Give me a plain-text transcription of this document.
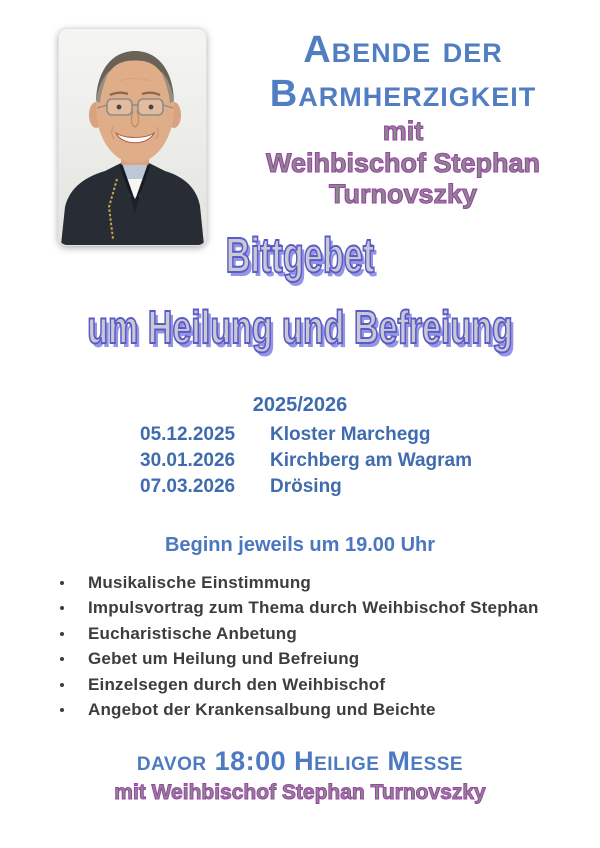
Abende der
Barmherzigkeit
mit
Weihbischof Stephan
Turnovszky
Bittgebet
um Heilung und Befreiung
2025/2026
05.12.2025	Kloster Marchegg
30.01.2026	Kirchberg am Wagram
07.03.2026	Drösing
Beginn jeweils um 19.00 Uhr
Musikalische Einstimmung
Impulsvortrag zum Thema durch Weihbischof Stephan
Eucharistische Anbetung
Gebet um Heilung und Befreiung
Einzelsegen durch den Weihbischof
Angebot der Krankensalbung und Beichte
davor 18:00 Heilige Messe
mit Weihbischof Stephan Turnovszky
